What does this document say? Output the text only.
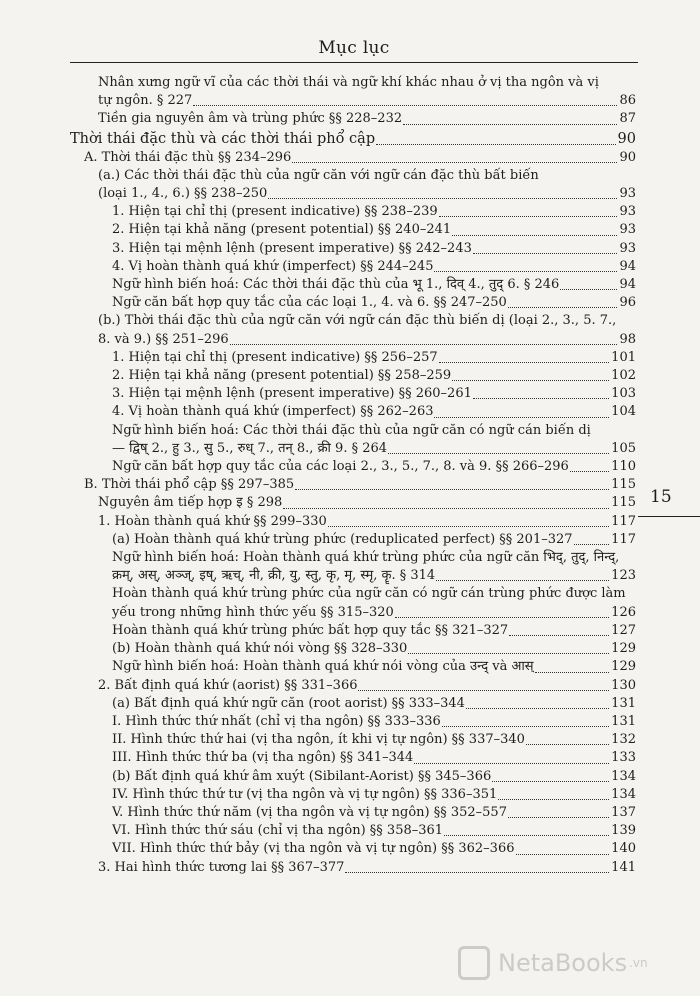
Mục lục
Nhân xưng ngữ vĩ của các thời thái và ngữ khí khác nhau ở vị tha ngôn và vị
tự ngôn. § 227	86
Tiền gia nguyên âm và trùng phức §§ 228–232	87
Thời thái đặc thù và các thời thái phổ cập	90
A. Thời thái đặc thù §§ 234–296	90
(a.) Các thời thái đặc thù của ngữ căn với ngữ cán đặc thù bất biến
(loại 1., 4., 6.) §§ 238–250	93
1. Hiện tại chỉ thị (present indicative) §§ 238–239	93
2. Hiện tại khả năng (present potential) §§ 240–241	93
3. Hiện tại mệnh lệnh (present imperative) §§ 242–243	93
4. Vị hoàn thành quá khứ (imperfect) §§ 244–245	94
Ngữ hình biến hoá: Các thời thái đặc thù của भू 1., दिव् 4., तुद् 6. § 246	94
Ngữ căn bất hợp quy tắc của các loại 1., 4. và 6. §§ 247–250	96
(b.) Thời thái đặc thù của ngữ căn với ngữ cán đặc thù biến dị (loại 2., 3., 5. 7.,
8. và 9.) §§ 251–296	98
1. Hiện tại chỉ thị (present indicative) §§ 256–257	101
2. Hiện tại khả năng (present potential) §§ 258–259	102
3. Hiện tại mệnh lệnh (present imperative) §§ 260–261	103
4. Vị hoàn thành quá khứ (imperfect) §§ 262–263	104
Ngữ hình biến hoá: Các thời thái đặc thù của ngữ căn có ngữ cán biến dị
— द्विष् 2., हु 3., सु 5., रुध् 7., तन् 8., क्री 9. § 264	105
Ngữ căn bất hợp quy tắc của các loại 2., 3., 5., 7., 8. và 9. §§ 266–296	110
B. Thời thái phổ cập §§ 297–385	115
Nguyên âm tiếp hợp इ § 298	115
1. Hoàn thành quá khứ §§ 299–330	117
(a) Hoàn thành quá khứ trùng phức (reduplicated perfect) §§ 201–327	117
Ngữ hình biến hoá: Hoàn thành quá khứ trùng phức của ngữ căn भिद्, तुद्, निन्द्,
क्रम्, अस्, अञ्ज्, इष्, ऋच्, नी, क्री, यु, स्तु, कृ, मृ, स्मृ, कॄ. § 314	123
Hoàn thành quá khứ trùng phức của ngữ căn có ngữ cán trùng phức được làm
yếu trong những hình thức yếu §§ 315–320	126
Hoàn thành quá khứ trùng phức bất hợp quy tắc §§ 321–327	127
(b) Hoàn thành quá khứ nói vòng §§ 328–330	129
Ngữ hình biến hoá: Hoàn thành quá khứ nói vòng của उन्द् và आस्	129
2. Bất định quá khứ (aorist) §§ 331–366	130
(a) Bất định quá khứ ngữ căn (root aorist) §§ 333–344	131
I. Hình thức thứ nhất (chỉ vị tha ngôn) §§ 333–336	131
II. Hình thức thứ hai (vị tha ngôn, ít khi vị tự ngôn) §§ 337–340	132
III. Hình thức thứ ba (vị tha ngôn) §§ 341–344	133
(b) Bất định quá khứ âm xuýt (Sibilant-Aorist) §§ 345–366	134
IV. Hình thức thứ tư (vị tha ngôn và vị tự ngôn) §§ 336–351	134
V. Hình thức thứ năm (vị tha ngôn và vị tự ngôn) §§ 352–557	137
VI. Hình thức thứ sáu (chỉ vị tha ngôn) §§ 358–361	139
VII. Hình thức thứ bảy (vị tha ngôn và vị tự ngôn) §§ 362–366	140
3. Hai hình thức tương lai §§ 367–377	141
15
NetaBooks .vn
